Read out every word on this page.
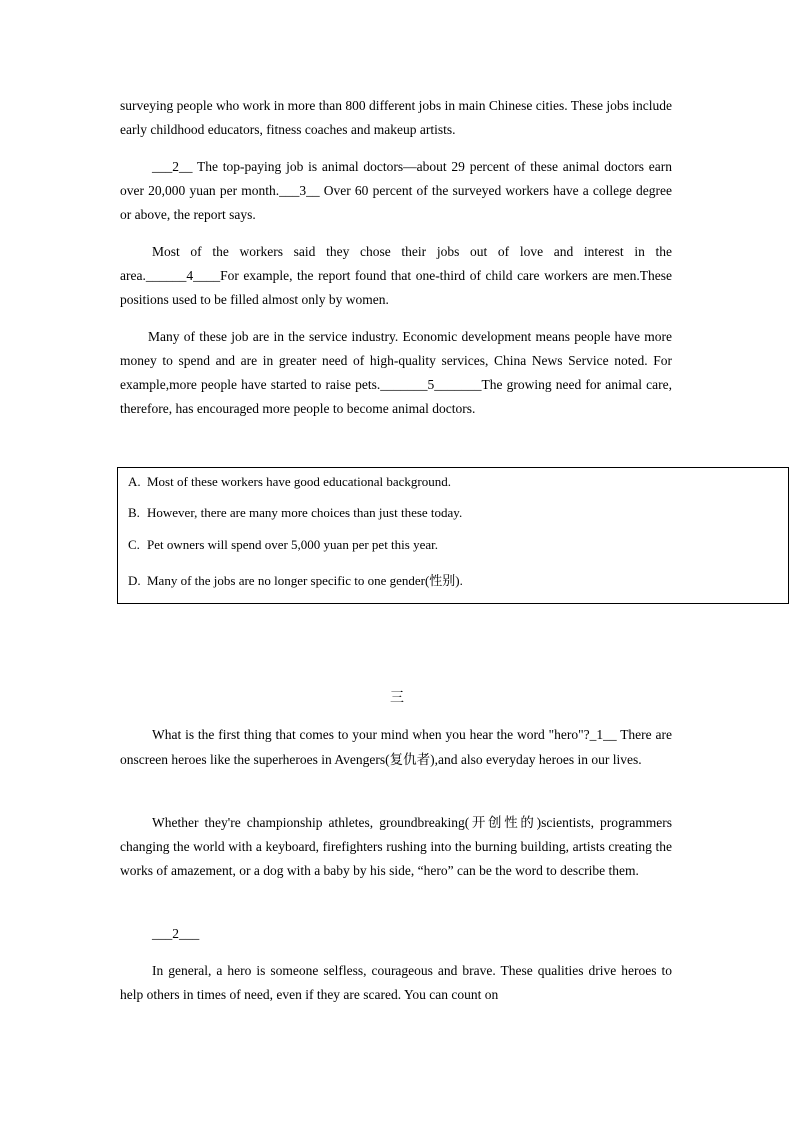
surveying people who work in more than 800 different jobs in main Chinese cities. These jobs include early childhood educators, fitness coaches and makeup artists.

___2__ The top-paying job is animal doctors—about 29 percent of these animal doctors earn over 20,000 yuan per month.___3__ Over 60 percent of the surveyed workers have a college degree or above, the report says.

Most of the workers said they chose their jobs out of love and interest in the area.______4____For example, the report found that one-third of child care workers are men.These positions used to be filled almost only by women.

Many of these job are in the service industry. Economic development means people have more money to spend and are in greater need of high-quality services, China News Service noted. For example,more people have started to raise pets._______5_______The growing need for animal care, therefore, has encouraged more people to become animal doctors.

A. Most of these workers have good educational background.

B. However, there are many more choices than just these today.

C. Pet owners will spend over 5,000 yuan per pet this year.

D. Many of the jobs are no longer specific to one gender(性别).

三

What is the first thing that comes to your mind when you hear the word "hero"?_1__ There are onscreen heroes like the superheroes in Avengers(复仇者),and also everyday heroes in our lives.

Whether they're championship athletes, groundbreaking(开创性的)scientists, programmers changing the world with a keyboard, firefighters rushing into the burning building, artists creating the works of amazement, or a dog with a baby by his side, “hero” can be the word to describe them.

___2___

In general, a hero is someone selfless, courageous and brave. These qualities drive heroes to help others in times of need, even if they are scared. You can count on
